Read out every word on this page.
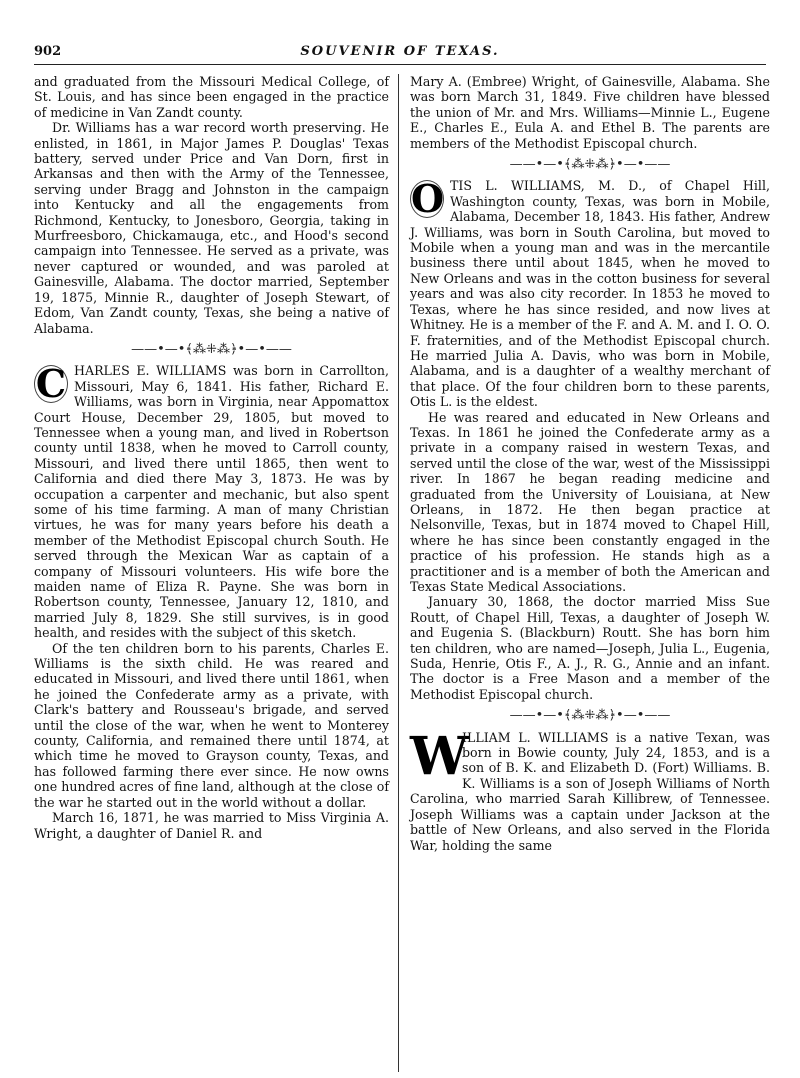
902	SOUVENIR OF TEXAS.

and graduated from the Missouri Medical College, of St. Louis, and has since been engaged in the practice of medicine in Van Zandt county.

Dr. Williams has a war record worth preserving. He enlisted, in 1861, in Major James P. Douglas' Texas battery, served under Price and Van Dorn, first in Arkansas and then with the Army of the Tennessee, serving under Bragg and Johnston in the campaign into Kentucky and all the engagements from Richmond, Kentucky, to Jonesboro, Georgia, taking in Murfreesboro, Chickamauga, etc., and Hood's second campaign into Tennessee. He served as a private, was never captured or wounded, and was paroled at Gainesville, Alabama. The doctor married, September 19, 1875, Minnie R., daughter of Joseph Stewart, of Edom, Van Zandt county, Texas, she being a native of Alabama.

——•—•﴾⁂⁜⁂﴿•—•——
C HARLES E. WILLIAMS was born in Carrollton, Missouri, May 6, 1841. His father, Richard E. Williams, was born in Virginia, near Appomattox Court House, December 29, 1805, but moved to Tennessee when a young man, and lived in Robertson county until 1838, when he moved to Carroll county, Missouri, and lived there until 1865, then went to California and died there May 3, 1873. He was by occupation a carpenter and mechanic, but also spent some of his time farming. A man of many Christian virtues, he was for many years before his death a member of the Methodist Episcopal church South. He served through the Mexican War as captain of a company of Missouri volunteers. His wife bore the maiden name of Eliza R. Payne. She was born in Robertson county, Tennessee, January 12, 1810, and married July 8, 1829. She still survives, is in good health, and resides with the subject of this sketch.

Of the ten children born to his parents, Charles E. Williams is the sixth child. He was reared and educated in Missouri, and lived there until 1861, when he joined the Confederate army as a private, with Clark's battery and Rousseau's brigade, and served until the close of the war, when he went to Monterey county, California, and remained there until 1874, at which time he moved to Grayson county, Texas, and has followed farming there ever since. He now owns one hundred acres of fine land, although at the close of the war he started out in the world without a dollar.

March 16, 1871, he was married to Miss Virginia A. Wright, a daughter of Daniel R. and

Mary A. (Embree) Wright, of Gainesville, Alabama. She was born March 31, 1849. Five children have blessed the union of Mr. and Mrs. Williams—Minnie L., Eugene E., Charles E., Eula A. and Ethel B. The parents are members of the Methodist Episcopal church.

——•—•﴾⁂⁜⁂﴿•—•——
O TIS L. WILLIAMS, M. D., of Chapel Hill, Washington county, Texas, was born in Mobile, Alabama, December 18, 1843. His father, Andrew J. Williams, was born in South Carolina, but moved to Mobile when a young man and was in the mercantile business there until about 1845, when he moved to New Orleans and was in the cotton business for several years and was also city recorder. In 1853 he moved to Texas, where he has since resided, and now lives at Whitney. He is a member of the F. and A. M. and I. O. O. F. fraternities, and of the Methodist Episcopal church. He married Julia A. Davis, who was born in Mobile, Alabama, and is a daughter of a wealthy merchant of that place. Of the four children born to these parents, Otis L. is the eldest.

He was reared and educated in New Orleans and Texas. In 1861 he joined the Confederate army as a private in a company raised in western Texas, and served until the close of the war, west of the Mississippi river. In 1867 he began reading medicine and graduated from the University of Louisiana, at New Orleans, in 1872. He then began practice at Nelsonville, Texas, but in 1874 moved to Chapel Hill, where he has since been constantly engaged in the practice of his profession. He stands high as a practitioner and is a member of both the American and Texas State Medical Associations.

January 30, 1868, the doctor married Miss Sue Routt, of Chapel Hill, Texas, a daughter of Joseph W. and Eugenia S. (Blackburn) Routt. She has born him ten children, who are named—Joseph, Julia L., Eugenia, Suda, Henrie, Otis F., A. J., R. G., Annie and an infant. The doctor is a Free Mason and a member of the Methodist Episcopal church.

——•—•﴾⁂⁜⁂﴿•—•——
W

ILLIAM L. WILLIAMS is a native Texan, was born in Bowie county, July 24, 1853, and is a son of B. K. and Elizabeth D. (Fort) Williams. B. K. Williams is a son of Joseph Williams of North Carolina, who married Sarah Killibrew, of Tennessee. Joseph Williams was a captain under Jackson at the battle of New Orleans, and also served in the Florida War, holding the same
